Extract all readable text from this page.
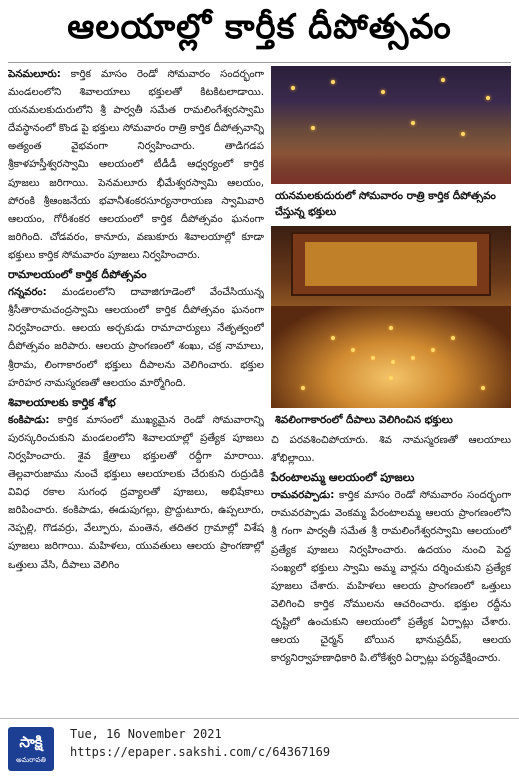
ఆలయాల్లో కార్తీక దీపోత్సవం

పెనమలూరు: కార్తిక మాసం రెండో సోమవారం సందర్భంగా మండలంలోని శివాలయాలు భక్తులతో కిటకిటలాడాయి. యనమలకుదురులోని శ్రీ పార్వతీ సమేత రామలింగేశ్వరస్వామి దేవస్థానంలో కొండ పై భక్తులు సోమవారం రాత్రి కార్తిక దీపోత్సవాన్ని అత్యంత వైభవంగా నిర్వహించారు. తాడిగడప శ్రీకాళహస్తీశ్వరస్వామి ఆలయంలో టీడీడీ ఆధ్వర్యంలో కార్తిక పూజలు జరిగాయి. పెనమలూరు భీమేశ్వరస్వామి ఆలయం, పోరంకి శ్రీఆంజనేయ భవానీశంకరసూర్యనారాయణ స్వామివారి ఆలయం, గోరీశంకర ఆలయంలో కార్తిక దీపోత్సవం ఘనంగా జరిగింది. చోడవరం, కానూరు, వణుకూరు శివాలయాల్లో కూడా భక్తులు కార్తిక సోమవారం పూజలు నిర్వహించారు.

రామాలయంలో కార్తిక దీపోత్సవం

గన్నవరం: మండలంలోని దావాజిగూడెంలో వేంచేసియున్న శ్రీసీతారామచంద్రస్వామి ఆలయంలో కార్తిక దీపోత్సవం ఘనంగా నిర్వహించారు. ఆలయ అర్చకుడు రామాచార్యులు నేతృత్వంలో దీపోత్సవం జరిపారు. ఆలయ ప్రాంగణంలో శంఖు, చక్ర నామాలు, శ్రీరామ, లింగాకారంలో భక్తులు దీపాలను వెలిగించారు. భక్తుల హరిహర నామస్మరణతో ఆలయం మార్మోగింది.

శివాలయాలకు కార్తిక శోభ

కంకిపాడు: కార్తిక మాసంలో ముఖ్యమైన రెండో సోమవారాన్ని పురస్కరించుకుని మండలంలోని శివాలయాల్లో ప్రత్యేక పూజలు నిర్వహించారు. శైవ క్షేత్రాలు భక్తులతో రద్దీగా మారాయి. తెల్లవారుజాము నుంచే భక్తులు ఆలయాలకు చేరుకుని రుద్రుడికి వివిధ రకాల సుగంధ ద్రవ్యాలతో పూజలు, అభిషేకాలు జరిపించారు. కంకిపాడు, ఈడుపుగల్లు, ప్రొద్దుటూరు, ఉప్పలూరు, నెప్పల్లి, గొడవర్రు, వేల్పూరు, మంతెన, తదితర గ్రామాల్లో విశేష పూజలు జరిగాయి. మహిళలు, యువతులు ఆలయ ప్రాంగణాల్లో ఒత్తులు వేసి, దీపాలు వెలిగిం

యనమలకుదురులో సోమవారం రాత్రి కార్తిక దీపోత్సవం చేస్తున్న భక్తులు
శివలింగాకారంలో దీపాలు వెలిగించిన భక్తులు

చి పరవశించిపోయారు. శివ నామస్మరణతో ఆలయాలు శోభిల్లాయి.

పేరంటాలమ్మ ఆలయంలో పూజలు

రామవరప్పాడు: కార్తిక మాసం రెండో సోమవారం సందర్భంగా రామవరప్పాడు వెంకమ్మ పేరంటాలమ్మ ఆలయ ప్రాంగణంలోని శ్రీ గంగా పార్వతీ సమేత శ్రీ రామలింగేశ్వరస్వామి ఆలయంలో ప్రత్యేక పూజలు నిర్వహించారు. ఉదయం నుంచి పెద్ద సంఖ్యలో భక్తులు స్వామి అమ్మ వార్లను దర్శించుకుని ప్రత్యేక పూజలు చేశారు. మహిళలు ఆలయ ప్రాంగణంలో ఒత్తులు వెలిగించి కార్తిక నోములను ఆచరించారు. భక్తుల రద్దీను దృష్టిలో ఉంచుకుని ఆలయంలో ప్రత్యేక ఏర్పాట్లు చేశారు. ఆలయ చైర్మన్ బోయిన భానుప్రదీప్, ఆలయ కార్యనిర్వాహణాధికారి పి.లోకేశ్వరి ఏర్పాట్లు పర్యవేక్షించారు.

సాక్షి
అమరావతి
Tue, 16 November 2021
https://epaper.sakshi.com/c/64367169
